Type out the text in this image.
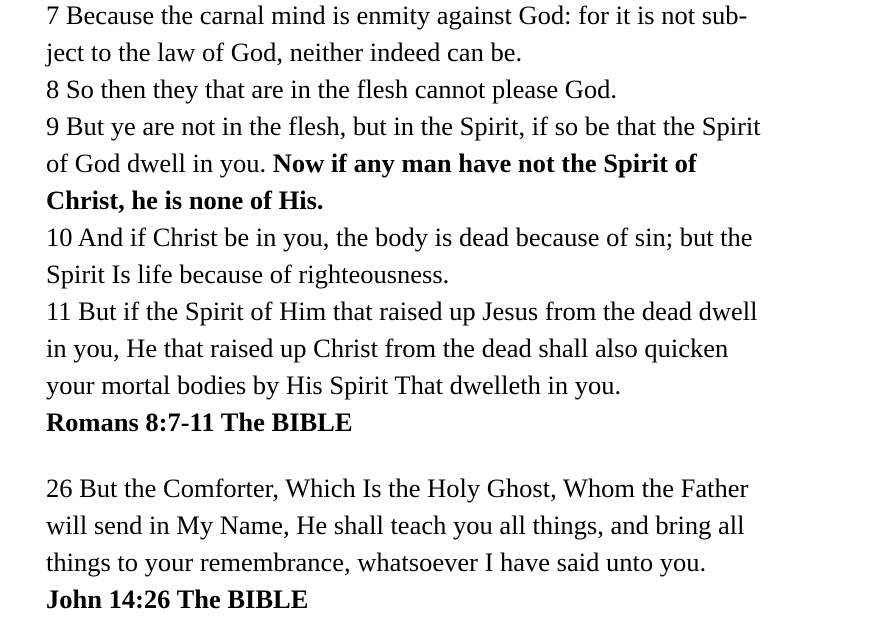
7 Because the carnal mind is enmity against God: for it is not sub-
ject to the law of God, neither indeed can be.
8 So then they that are in the flesh cannot please God.
9 But ye are not in the flesh, but in the Spirit, if so be that the Spirit
of God dwell in you. Now if any man have not the Spirit of
Christ, he is none of His.
10 And if Christ be in you, the body is dead because of sin; but the
Spirit Is life because of righteousness.
11 But if the Spirit of Him that raised up Jesus from the dead dwell
in you, He that raised up Christ from the dead shall also quicken
your mortal bodies by His Spirit That dwelleth in you.
Romans 8:7-11 The BIBLE
26 But the Comforter, Which Is the Holy Ghost, Whom the Father
will send in My Name, He shall teach you all things, and bring all
things to your remembrance, whatsoever I have said unto you.
John 14:26 The BIBLE
